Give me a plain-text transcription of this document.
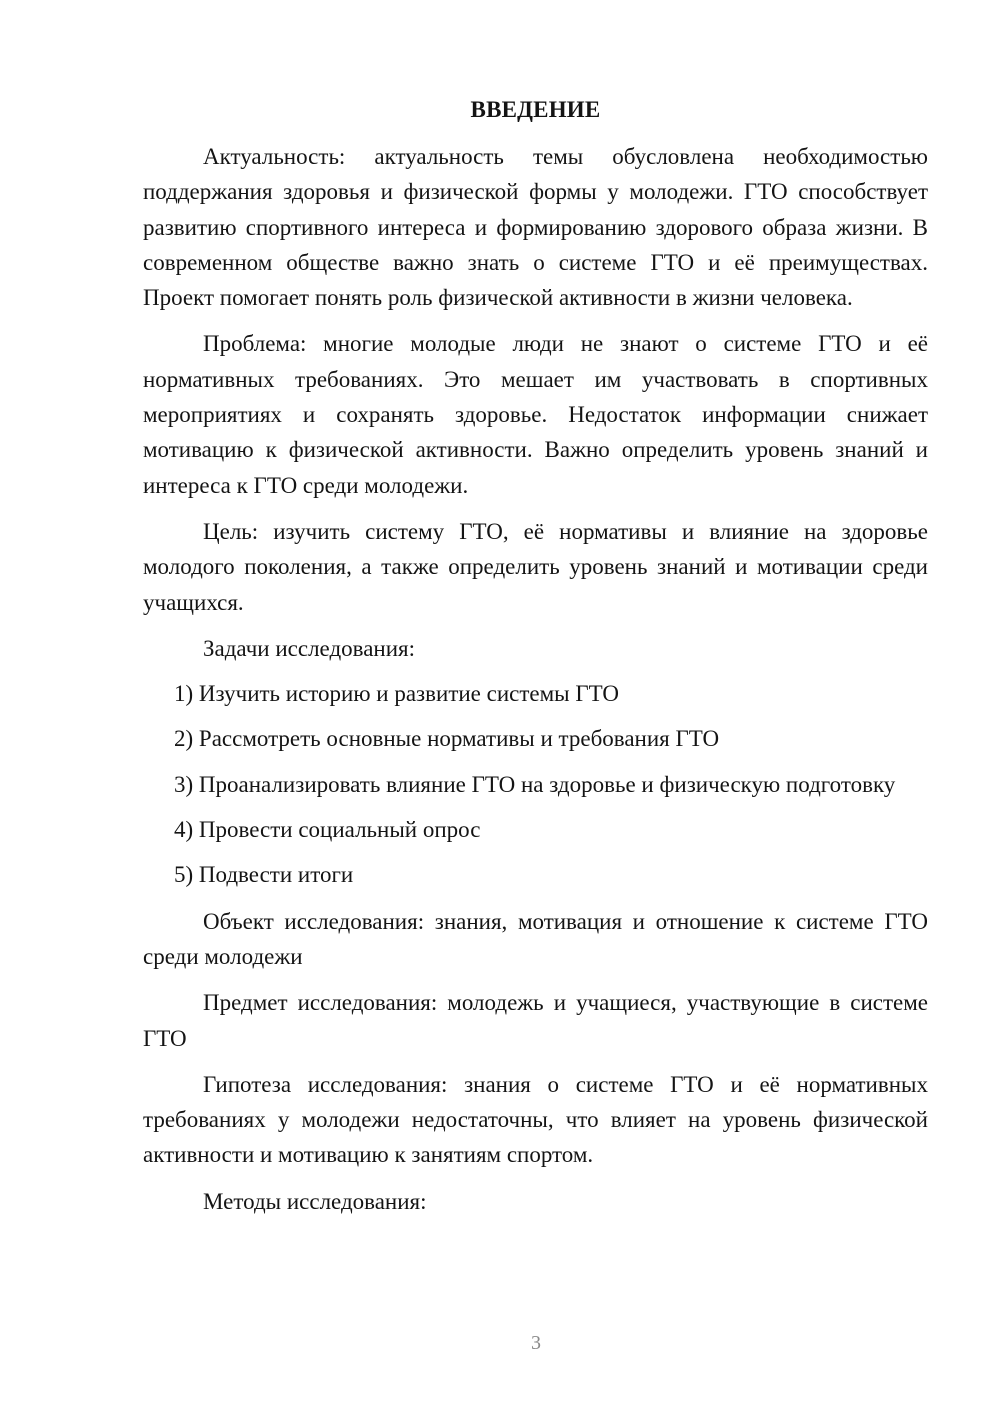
ВВЕДЕНИЕ

Актуальность: актуальность темы обусловлена необходимостью поддержания здоровья и физической формы у молодежи. ГТО способствует развитию спортивного интереса и формированию здорового образа жизни. В современном обществе важно знать о системе ГТО и её преимуществах. Проект помогает понять роль физической активности в жизни человека.

Проблема: многие молодые люди не знают о системе ГТО и её нормативных требованиях. Это мешает им участвовать в спортивных мероприятиях и сохранять здоровье. Недостаток информации снижает мотивацию к физической активности. Важно определить уровень знаний и интереса к ГТО среди молодежи.

Цель: изучить систему ГТО, её нормативы и влияние на здоровье молодого поколения, а также определить уровень знаний и мотивации среди учащихся.

Задачи исследования:

1) Изучить историю и развитие системы ГТО

2) Рассмотреть основные нормативы и требования ГТО

3) Проанализировать влияние ГТО на здоровье и физическую подготовку

4) Провести социальный опрос

5) Подвести итоги

Объект исследования: знания, мотивация и отношение к системе ГТО среди молодежи

Предмет исследования: молодежь и учащиеся, участвующие в системе ГТО

Гипотеза исследования: знания о системе ГТО и её нормативных требованиях у молодежи недостаточны, что влияет на уровень физической активности и мотивацию к занятиям спортом.

Методы исследования:

3
